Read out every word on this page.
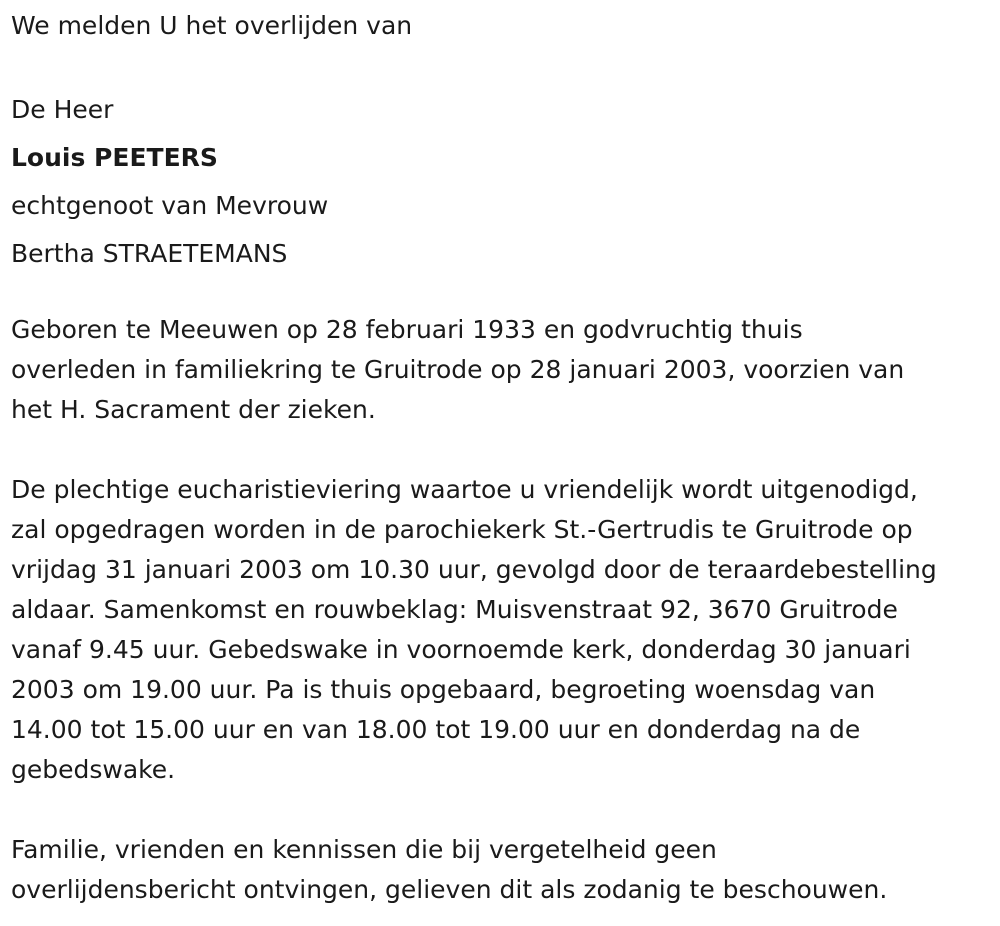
We melden U het overlijden van
De Heer
Louis PEETERS
echtgenoot van Mevrouw
Bertha STRAETEMANS
Geboren te Meeuwen op 28 februari 1933 en godvruchtig thuis
overleden in familiekring te Gruitrode op 28 januari 2003, voorzien van
het H. Sacrament der zieken.
De plechtige eucharistieviering waartoe u vriendelijk wordt uitgenodigd,
zal opgedragen worden in de parochiekerk St.-Gertrudis te Gruitrode op
vrijdag 31 januari 2003 om 10.30 uur, gevolgd door de teraardebestelling
aldaar. Samenkomst en rouwbeklag: Muisvenstraat 92, 3670 Gruitrode
vanaf 9.45 uur. Gebedswake in voornoemde kerk, donderdag 30 januari
2003 om 19.00 uur. Pa is thuis opgebaard, begroeting woensdag van
14.00 tot 15.00 uur en van 18.00 tot 19.00 uur en donderdag na de
gebedswake.
Familie, vrienden en kennissen die bij vergetelheid geen
overlijdensbericht ontvingen, gelieven dit als zodanig te beschouwen.
